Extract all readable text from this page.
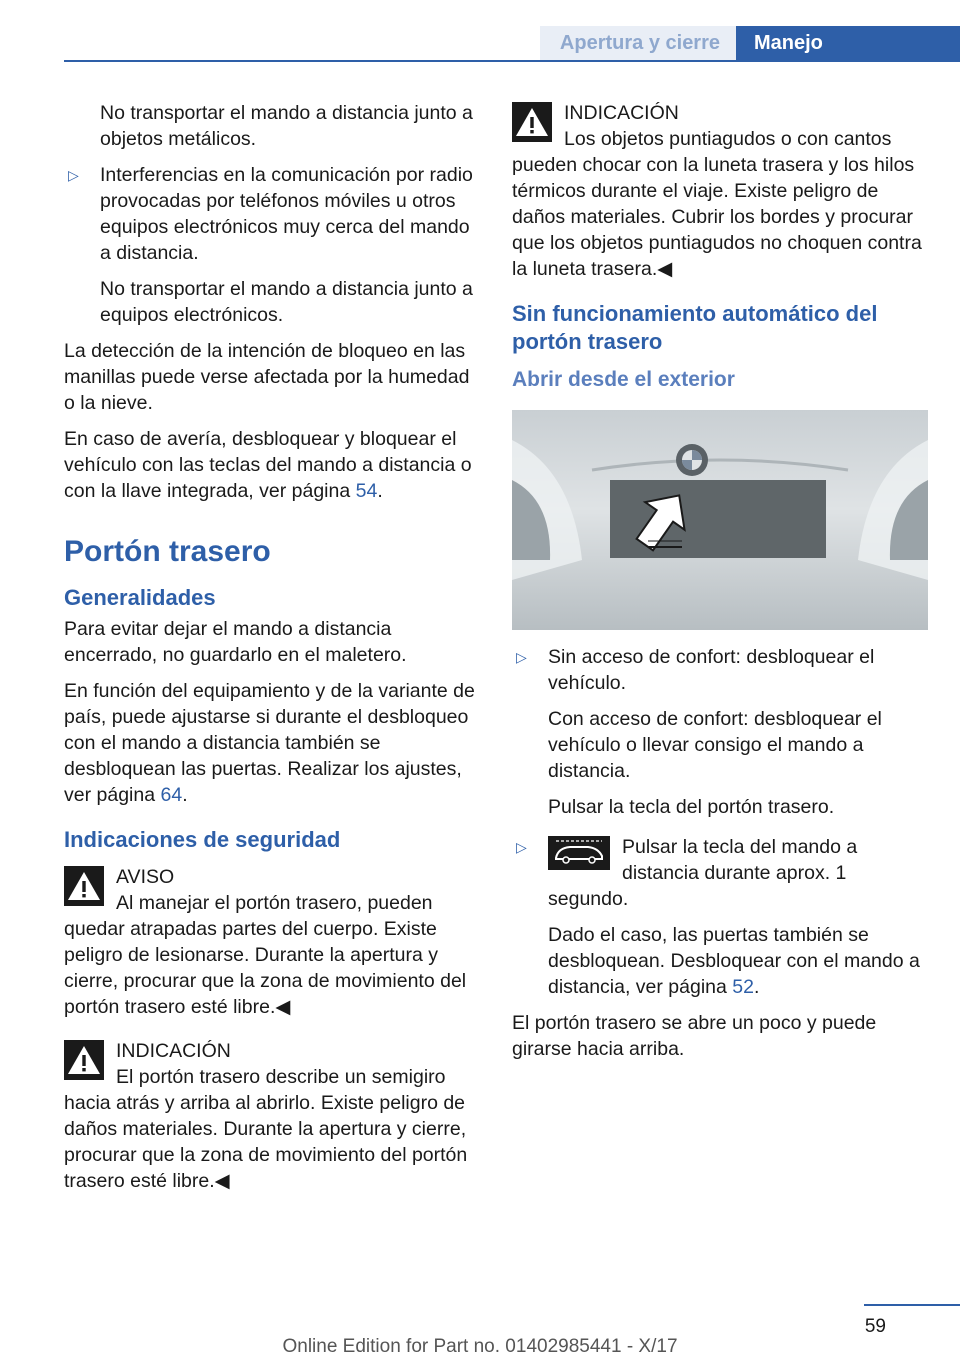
Apertura y cierre Manejo

No transportar el mando a distancia junto a objetos metálicos.

▷ Interferencias en la comunicación por radio provocadas por teléfonos móviles u otros equipos electrónicos muy cerca del mando a distancia.

No transportar el mando a distancia junto a equipos electrónicos.

La detección de la intención de bloqueo en las manillas puede verse afectada por la humedad o la nieve.

En caso de avería, desbloquear y bloquear el vehículo con las teclas del mando a distancia o con la llave integrada, ver página 54.

Portón trasero
Generalidades

Para evitar dejar el mando a distancia encerrado, no guardarlo en el maletero.

En función del equipamiento y de la variante de país, puede ajustarse si durante el desbloqueo con el mando a distancia también se desbloquean las puertas. Realizar los ajustes, ver página 64.

Indicaciones de seguridad
AVISO
Al manejar el portón trasero, pueden quedar atrapadas partes del cuerpo. Existe peligro de lesionarse. Durante la apertura y cierre, procurar que la zona de movimiento del portón trasero esté libre.◀
INDICACIÓN
El portón trasero describe un semigiro hacia atrás y arriba al abrirlo. Existe peligro de daños materiales. Durante la apertura y cierre, procurar que la zona de movimiento del portón trasero esté libre.◀
INDICACIÓN
Los objetos puntiagudos o con cantos pueden chocar con la luneta trasera y los hilos térmicos durante el viaje. Existe peligro de daños materiales. Cubrir los bordes y procurar que los objetos puntiagudos no choquen contra la luneta trasera.◀
Sin funcionamiento automático del portón trasero
Abrir desde el exterior
▷ Sin acceso de confort: desbloquear el vehículo.

Con acceso de confort: desbloquear el vehículo o llevar consigo el mando a distancia.

Pulsar la tecla del portón trasero.

▷	Pulsar la tecla del mando a distancia durante aprox. 1 segundo.

Dado el caso, las puertas también se desbloquean. Desbloquear con el mando a distancia, ver página 52.

El portón trasero se abre un poco y puede girarse hacia arriba.

59
Online Edition for Part no. 01402985441 - X/17
